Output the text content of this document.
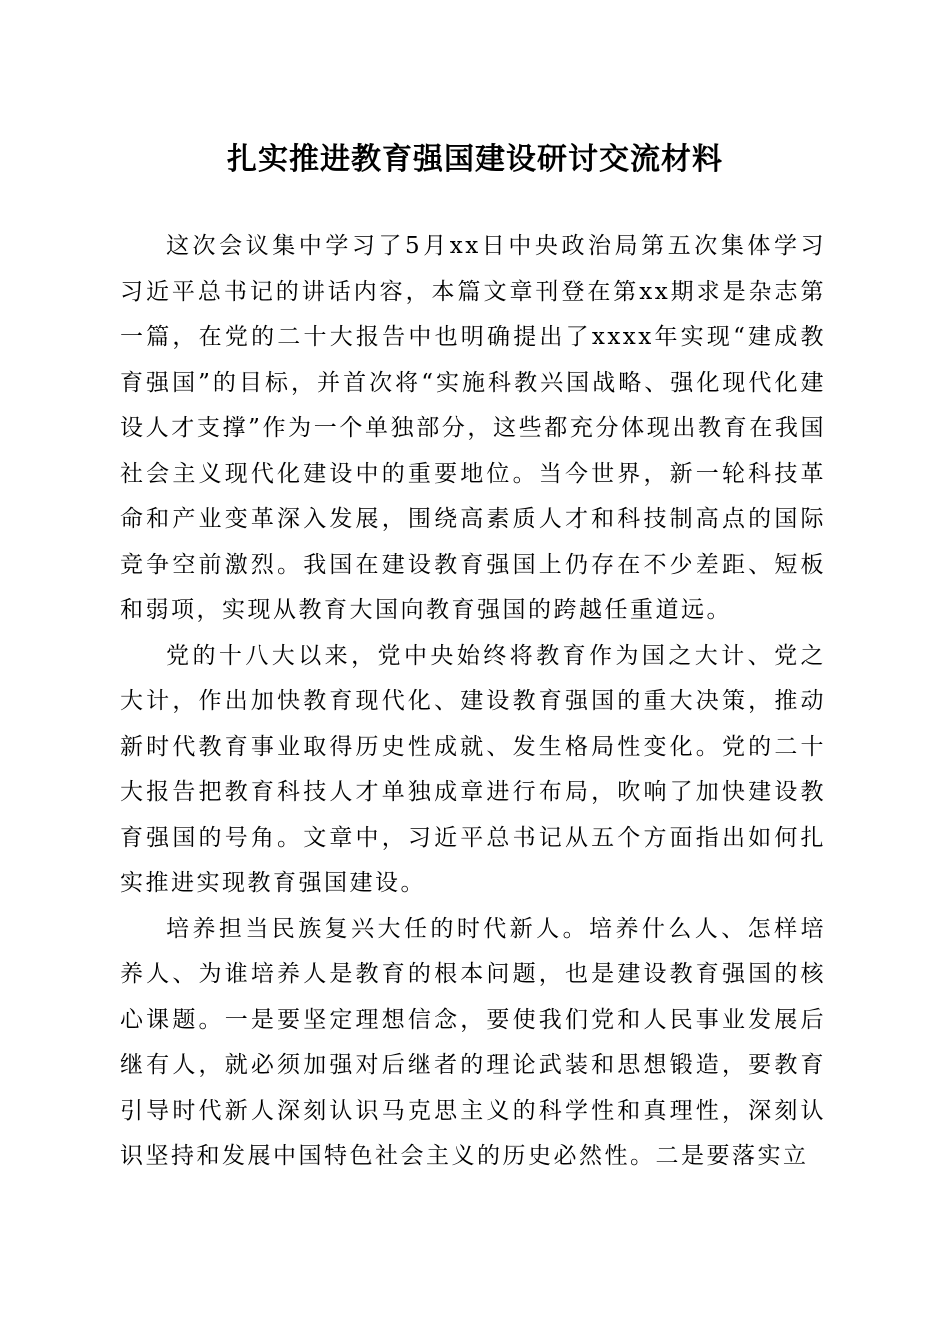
扎实推进教育强国建设研讨交流材料

这次会议集中学习了5月xx日中央政治局第五次集体学习习近平总书记的讲话内容，本篇文章刊登在第xx期求是杂志第一篇，在党的二十大报告中也明确提出了xxxx年实现“建成教育强国”的目标，并首次将“实施科教兴国战略、强化现代化建设人才支撑”作为一个单独部分，这些都充分体现出教育在我国社会主义现代化建设中的重要地位。当今世界，新一轮科技革命和产业变革深入发展，围绕高素质人才和科技制高点的国际竞争空前激烈。我国在建设教育强国上仍存在不少差距、短板和弱项，实现从教育大国向教育强国的跨越任重道远。

党的十八大以来，党中央始终将教育作为国之大计、党之大计，作出加快教育现代化、建设教育强国的重大决策，推动新时代教育事业取得历史性成就、发生格局性变化。党的二十大报告把教育科技人才单独成章进行布局，吹响了加快建设教育强国的号角。文章中，习近平总书记从五个方面指出如何扎实推进实现教育强国建设。

培养担当民族复兴大任的时代新人。培养什么人、怎样培养人、为谁培养人是教育的根本问题，也是建设教育强国的核心课题。一是要坚定理想信念，要使我们党和人民事业发展后继有人，就必须加强对后继者的理论武装和思想锻造，要教育引导时代新人深刻认识马克思主义的科学性和真理性，深刻认识坚持和发展中国特色社会主义的历史必然性。二是要落实立
